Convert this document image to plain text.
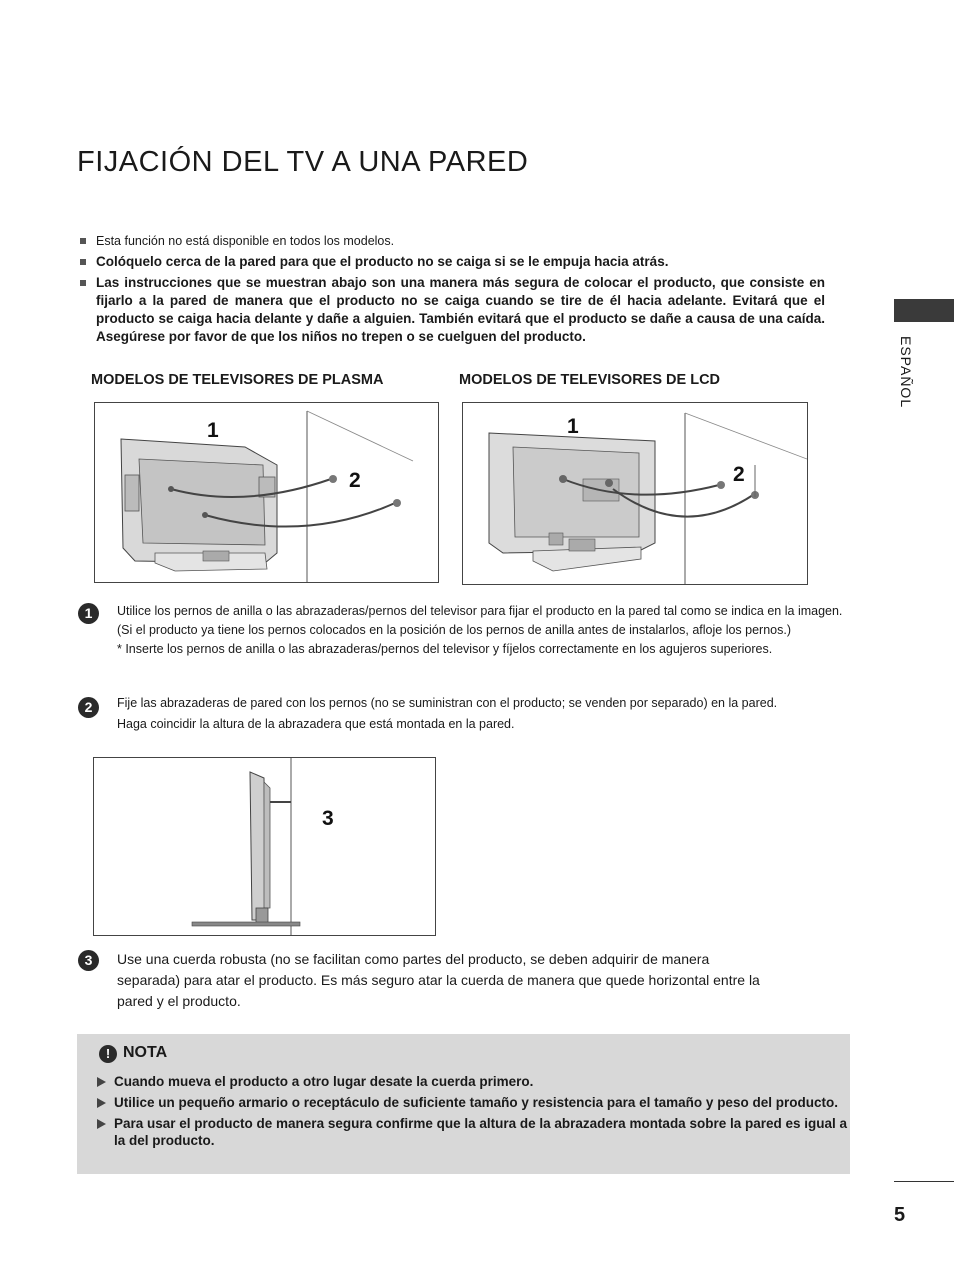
FIJACIÓN DEL TV A UNA PARED
Esta función no está disponible en todos los modelos.
Colóquelo cerca de la pared para que el producto no se caiga si se le empuja hacia atrás.
Las instrucciones que se muestran abajo son una manera más segura de colocar el producto, que consiste en fijarlo a la pared de manera que el producto no se caiga cuando se tire de él hacia adelante. Evitará que el producto se caiga hacia delante y dañe a alguien. También evitará que el producto se dañe a causa de una caída. Asegúrese por favor de que los niños no trepen o se cuelguen del producto.	ESPAÑOL
MODELOS DE TELEVISORES DE PLASMA	MODELOS DE TELEVISORES DE LCD
1
2
1
2
1	Utilice los pernos de anilla o las abrazaderas/pernos del televisor para fijar el producto en la pared tal como se indica en la imagen.
(Si el producto ya tiene los pernos colocados en la posición de los pernos de anilla antes de instalarlos, afloje los pernos.)
* Inserte los pernos de anilla o las abrazaderas/pernos del televisor y fíjelos correctamente en los agujeros superiores.
2	Fije las abrazaderas de pared con los pernos (no se suministran con el producto; se venden por separado) en la pared.
Haga coincidir la altura de la abrazadera que está montada en la pared.
3
3	Use una cuerda robusta (no se facilitan como partes del producto, se deben adquirir de manera separada) para atar el producto. Es más seguro atar la cuerda de manera que quede horizontal entre la pared y el producto.
! NOTA
Cuando mueva el producto a otro lugar desate la cuerda primero.
Utilice un pequeño armario o receptáculo de suficiente tamaño y resistencia para el tamaño y peso del producto.
Para usar el producto de manera segura confirme que la altura de la abrazadera montada sobre la pared es igual a la del producto.
5
